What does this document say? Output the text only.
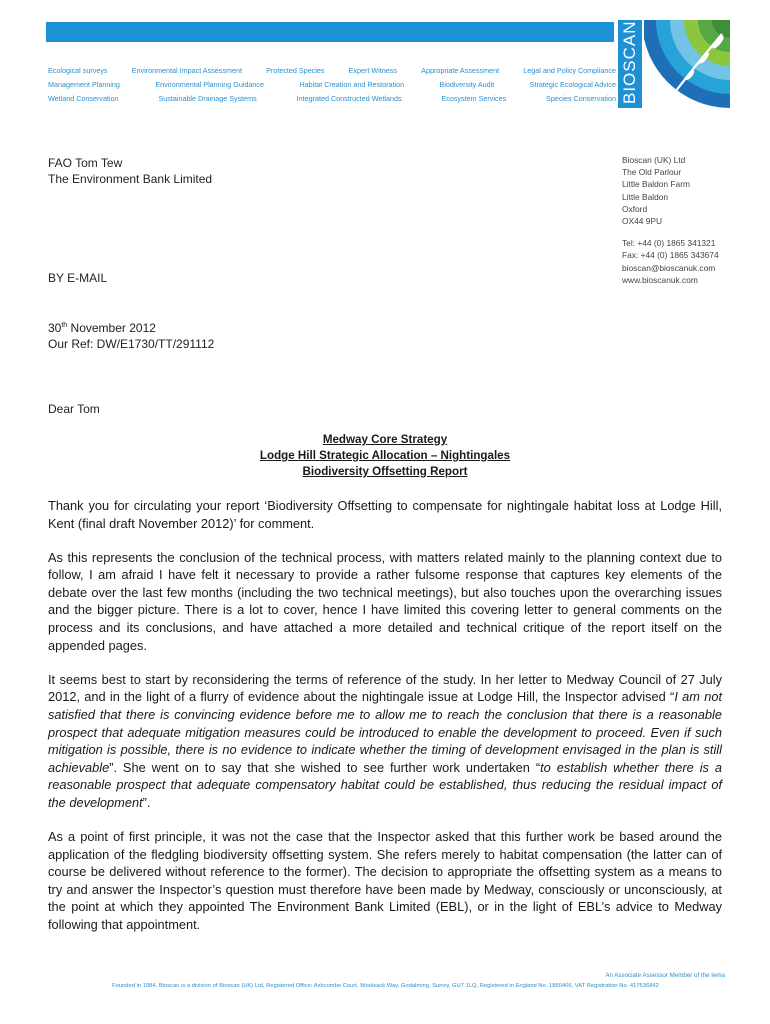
Ecological surveys	Environmental Impact Assessment	Protected Species	Expert Witness	Appropriate Assessment	Legal and Policy Compliance
Management Planning	Environmental Planning Guidance	Habitat Creation and Restoration	Biodiversity Audit	Strategic Ecological Advice
Wetland Conservation	Sustainable Drainage Systems	Integrated Constructed Wetlands	Ecosystem Services	Species Conservation BIOSCAN
FAO Tom Tew
The Environment Bank Limited
BY E-MAIL
Bioscan (UK) Ltd
The Old Parlour
Little Baldon Farm
Little Baldon
Oxford
OX44 9PU
Tel: +44 (0) 1865 341321
Fax: +44 (0) 1865 343674
bioscan@bioscanuk.com
www.bioscanuk.com
30th November 2012
Our Ref: DW/E1730/TT/291112
Dear Tom
Medway Core Strategy
Lodge Hill Strategic Allocation – Nightingales
Biodiversity Offsetting Report

Thank you for circulating your report ‘Biodiversity Offsetting to compensate for nightingale habitat loss at Lodge Hill, Kent (final draft November 2012)’ for comment.

As this represents the conclusion of the technical process, with matters related mainly to the planning context due to follow, I am afraid I have felt it necessary to provide a rather fulsome response that captures key elements of the debate over the last few months (including the two technical meetings), but also touches upon the overarching issues and the bigger picture. There is a lot to cover, hence I have limited this covering letter to general comments on the process and its conclusions, and have attached a more detailed and technical critique of the report itself on the appended pages.

It seems best to start by reconsidering the terms of reference of the study. In her letter to Medway Council of 27 July 2012, and in the light of a flurry of evidence about the nightingale issue at Lodge Hill, the Inspector advised “I am not satisfied that there is convincing evidence before me to allow me to reach the conclusion that there is a reasonable prospect that adequate mitigation measures could be introduced to enable the development to proceed. Even if such mitigation is possible, there is no evidence to indicate whether the timing of development envisaged in the plan is still achievable”. She went on to say that she wished to see further work undertaken “to establish whether there is a reasonable prospect that adequate compensatory habitat could be established, thus reducing the residual impact of the development”.

As a point of first principle, it was not the case that the Inspector asked that this further work be based around the application of the fledgling biodiversity offsetting system. She refers merely to habitat compensation (the latter can of course be delivered without reference to the former). The decision to appropriate the offsetting system as a means to try and answer the Inspector’s question must therefore have been made by Medway, consciously or unconsciously, at the point at which they appointed The Environment Bank Limited (EBL), or in the light of EBL’s advice to Medway following that appointment.

An Associate Assessor Member of the Iema
Founded in 1984, Bioscan is a division of Bioscan (UK) Ltd, Registered Office: Ashcombe Court, Woolsack Way, Godalming, Surrey, GU7 1LQ, Registered in England No. 1850466, VAT Registration No. 417536842
